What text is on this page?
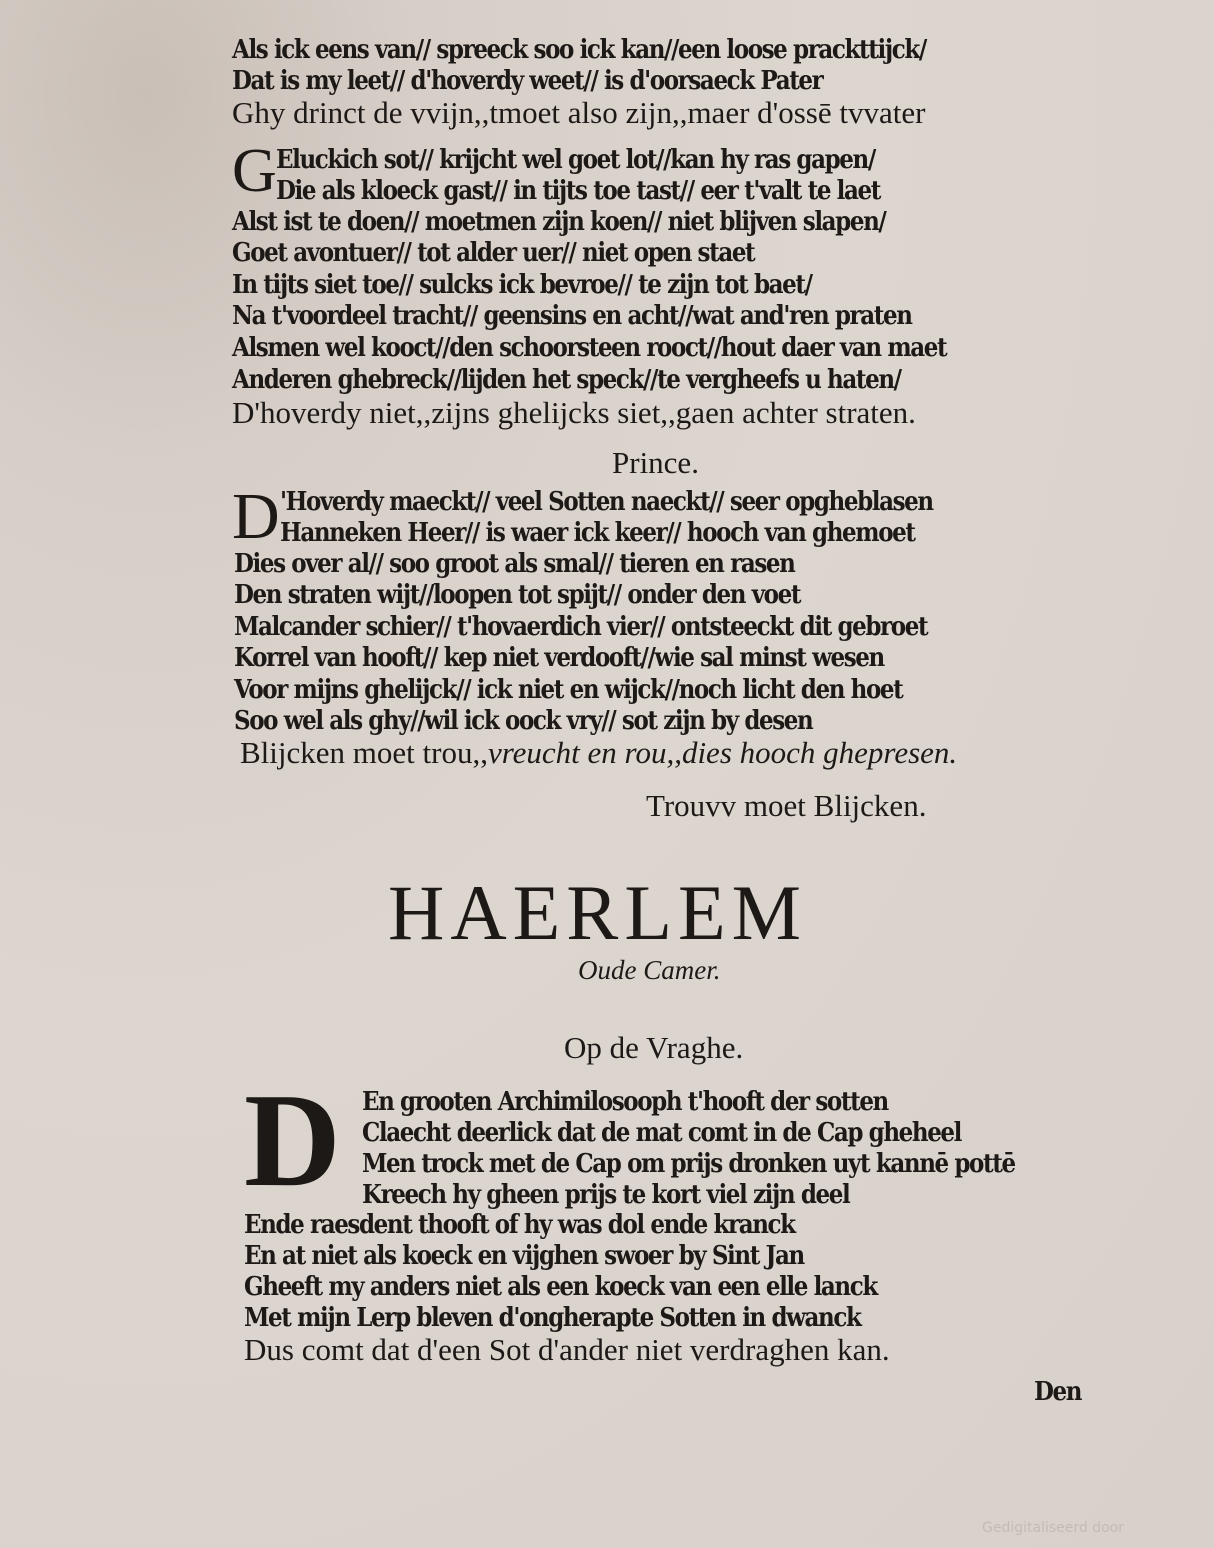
Als ick eens van// spreeck soo ick kan//een loose prackttijck/
Dat is my leet// d'hoverdy weet// is d'oorsaeck Pater
Ghy drinct de vvijn,,tmoet also zijn,,maer d'ossē tvvater
G Eluckich sot// krijcht wel goet lot//kan hy ras gapen/
Die als kloeck gast// in tijts toe tast// eer t'valt te laet
Alst ist te doen// moetmen zijn koen// niet blijven slapen/
Goet avontuer// tot alder uer// niet open staet
In tijts siet toe// sulcks ick bevroe// te zijn tot baet/
Na t'voordeel tracht// geensins en acht//wat and'ren praten
Alsmen wel kooct//den schoorsteen rooct//hout daer van maet
Anderen ghebreck//lijden het speck//te vergheefs u haten/
D'hoverdy niet,,zijns ghelijcks siet,,gaen achter straten.
Prince.
D 'Hoverdy maeckt// veel Sotten naeckt// seer opgheblasen
Hanneken Heer// is waer ick keer// hooch van ghemoet
Dies over al// soo groot als smal// tieren en rasen
Den straten wijt//loopen tot spijt// onder den voet
Malcander schier// t'hovaerdich vier// ontsteeckt dit gebroet
Korrel van hooft// kep niet verdooft//wie sal minst wesen
Voor mijns ghelijck// ick niet en wijck//noch licht den hoet
Soo wel als ghy//wil ick oock vry// sot zijn by desen
Blijcken moet trou,,vreucht en rou,,dies hooch ghepresen.
Trouvv moet Blijcken.
HAERLEM
Oude Camer.
Op de Vraghe.
D En grooten Archimilosooph t'hooft der sotten
Claecht deerlick dat de mat comt in de Cap gheheel
Men trock met de Cap om prijs dronken uyt kannē pottē
Kreech hy gheen prijs te kort viel zijn deel
Ende raesdent thooft of hy was dol ende kranck
En at niet als koeck en vijghen swoer by Sint Jan
Gheeft my anders niet als een koeck van een elle lanck
Met mijn Lerp bleven d'ongherapte Sotten in dwanck
Dus comt dat d'een Sot d'ander niet verdraghen kan.
Den
Gedigitaliseerd door
